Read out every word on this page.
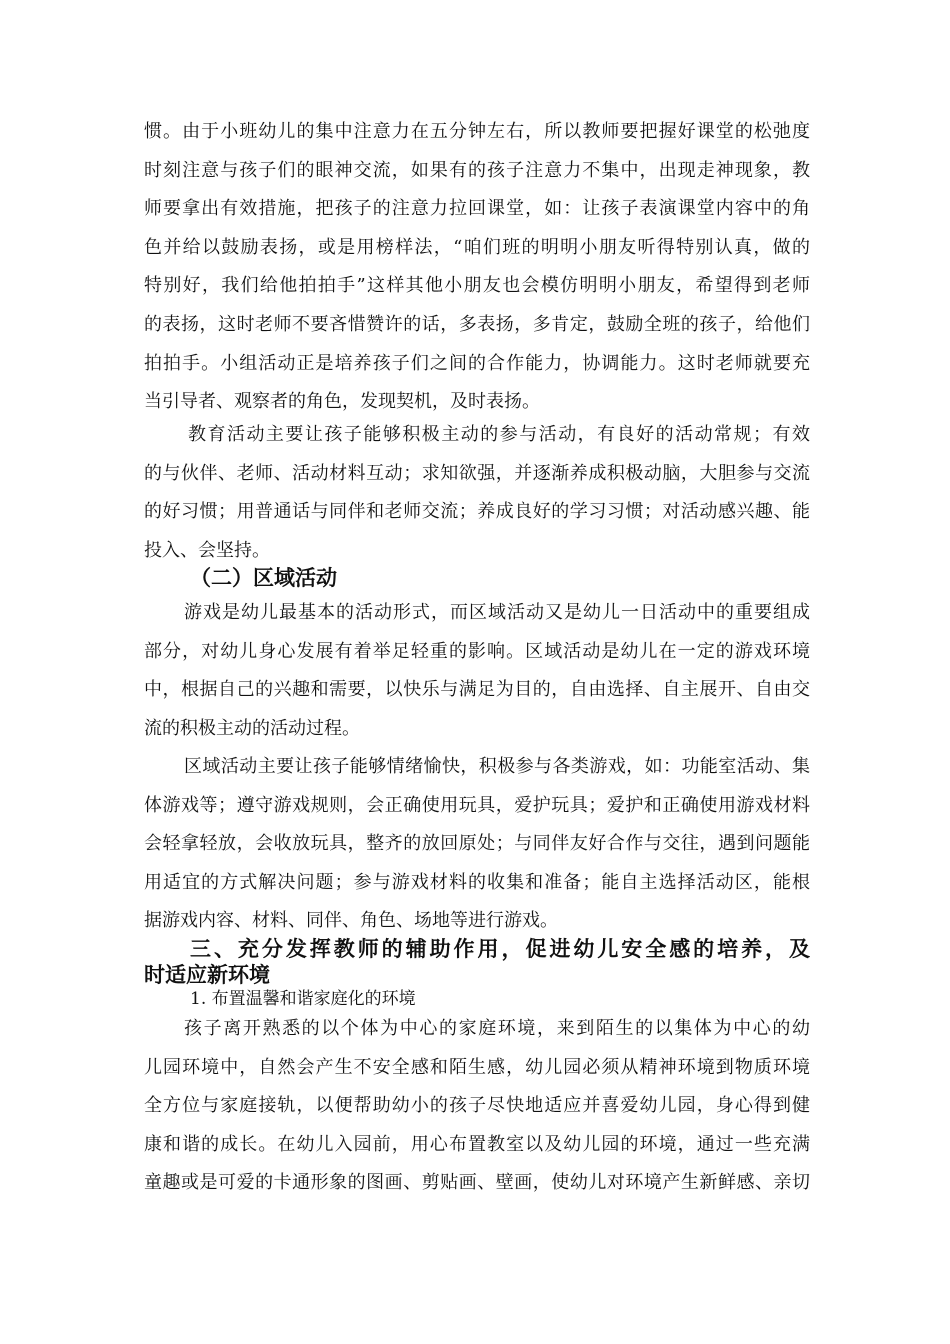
惯。由于小班幼儿的集中注意力在五分钟左右，所以教师要把握好课堂的松弛度
时刻注意与孩子们的眼神交流，如果有的孩子注意力不集中，出现走神现象，教
师要拿出有效措施，把孩子的注意力拉回课堂，如：让孩子表演课堂内容中的角
色并给以鼓励表扬，或是用榜样法，“咱们班的明明小朋友听得特别认真，做的
特别好，我们给他拍拍手”这样其他小朋友也会模仿明明小朋友，希望得到老师
的表扬，这时老师不要吝惜赞许的话，多表扬，多肯定，鼓励全班的孩子，给他们
拍拍手。小组活动正是培养孩子们之间的合作能力，协调能力。这时老师就要充
当引导者、观察者的角色，发现契机，及时表扬。
教育活动主要让孩子能够积极主动的参与活动，有良好的活动常规；有效
的与伙伴、老师、活动材料互动；求知欲强，并逐渐养成积极动脑，大胆参与交流
的好习惯；用普通话与同伴和老师交流；养成良好的学习习惯；对活动感兴趣、能
投入、会坚持。
（二）区域活动
游戏是幼儿最基本的活动形式，而区域活动又是幼儿一日活动中的重要组成
部分，对幼儿身心发展有着举足轻重的影响。区域活动是幼儿在一定的游戏环境
中，根据自己的兴趣和需要，以快乐与满足为目的，自由选择、自主展开、自由交
流的积极主动的活动过程。
区域活动主要让孩子能够情绪愉快，积极参与各类游戏，如：功能室活动、集
体游戏等；遵守游戏规则，会正确使用玩具，爱护玩具；爱护和正确使用游戏材料
会轻拿轻放，会收放玩具，整齐的放回原处；与同伴友好合作与交往，遇到问题能
用适宜的方式解决问题；参与游戏材料的收集和准备；能自主选择活动区，能根
据游戏内容、材料、同伴、角色、场地等进行游戏。
三、充分发挥教师的辅助作用，促进幼儿安全感的培养，及
时适应新环境
1. 布置温馨和谐家庭化的环境
孩子离开熟悉的以个体为中心的家庭环境，来到陌生的以集体为中心的幼
儿园环境中，自然会产生不安全感和陌生感，幼儿园必须从精神环境到物质环境
全方位与家庭接轨，以便帮助幼小的孩子尽快地适应并喜爱幼儿园，身心得到健
康和谐的成长。在幼儿入园前，用心布置教室以及幼儿园的环境，通过一些充满
童趣或是可爱的卡通形象的图画、剪贴画、壁画，使幼儿对环境产生新鲜感、亲切
